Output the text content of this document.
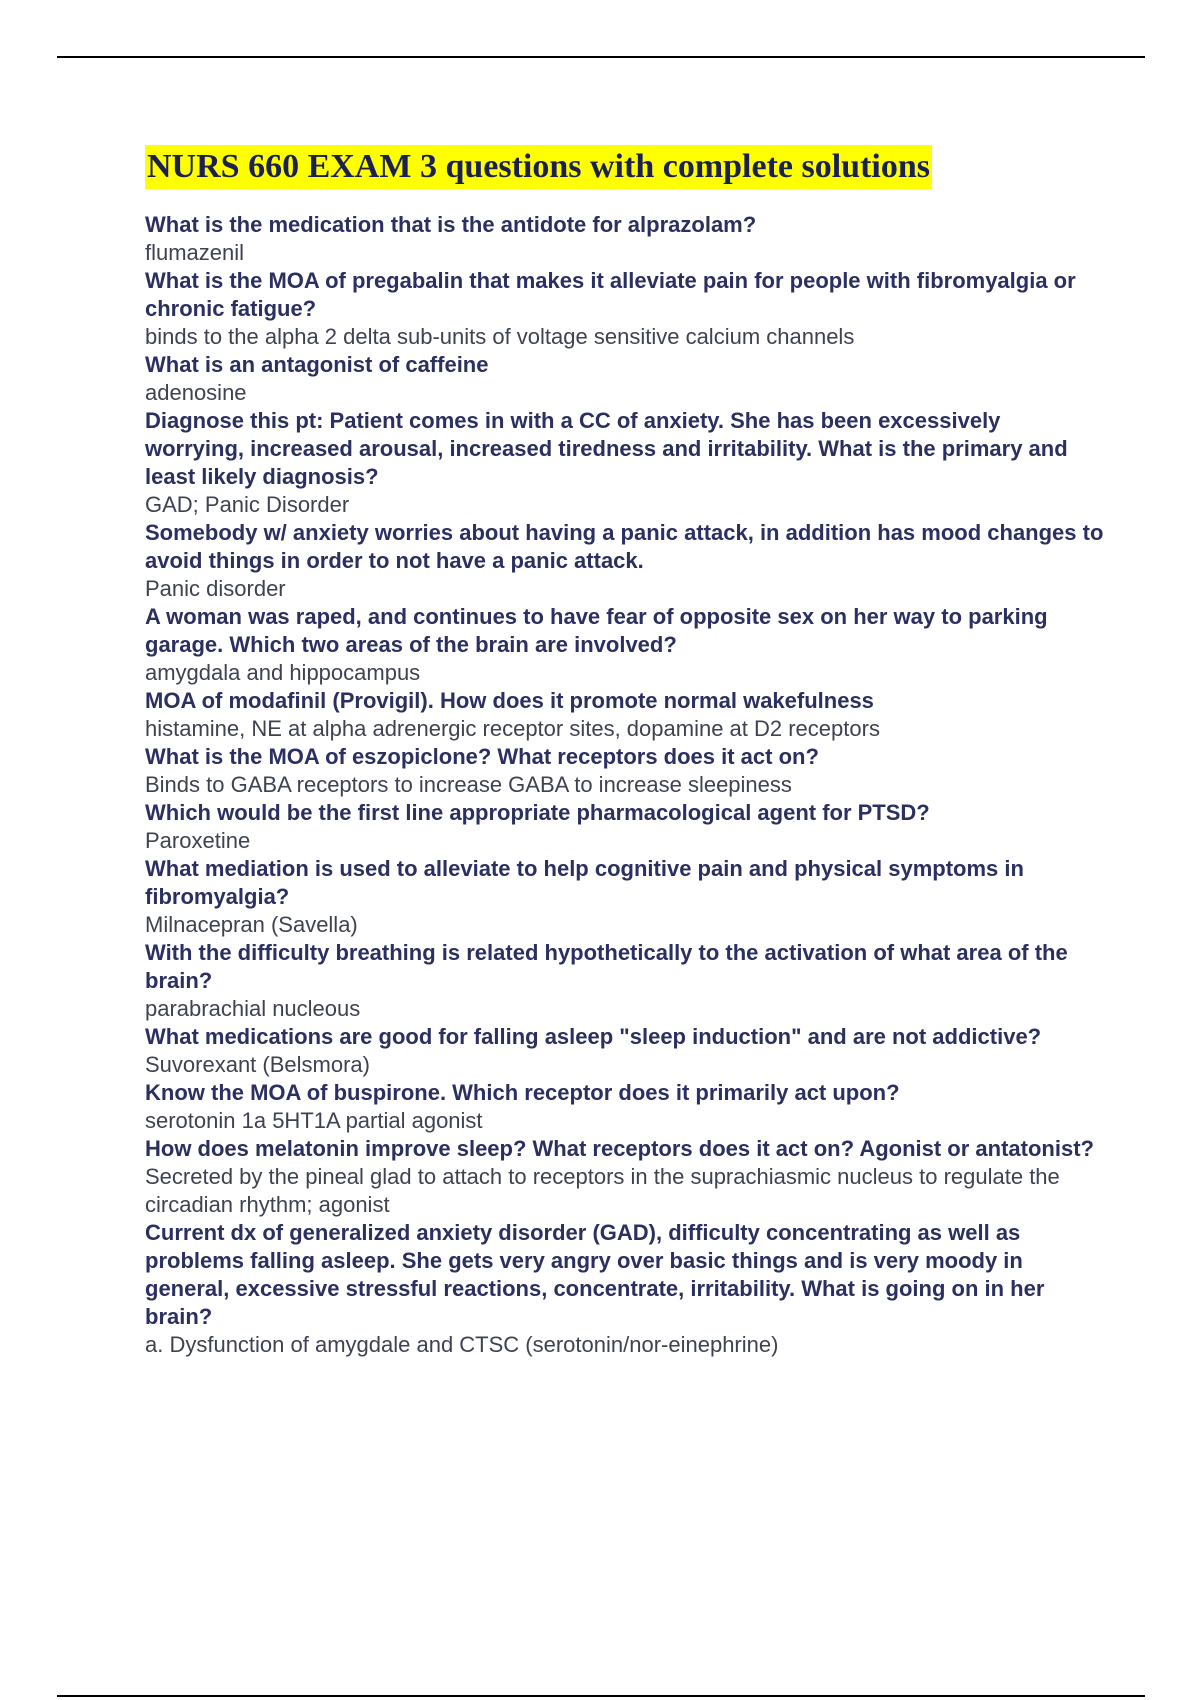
NURS 660 EXAM 3 questions with complete solutions
What is the medication that is the antidote for alprazolam?
flumazenil
What is the MOA of pregabalin that makes it alleviate pain for people with fibromyalgia or chronic fatigue?
binds to the alpha 2 delta sub-units of voltage sensitive calcium channels
What is an antagonist of caffeine
adenosine
Diagnose this pt: Patient comes in with a CC of anxiety. She has been excessively worrying, increased arousal, increased tiredness and irritability. What is the primary and least likely diagnosis?
GAD; Panic Disorder
Somebody w/ anxiety worries about having a panic attack, in addition has mood changes to avoid things in order to not have a panic attack.
Panic disorder
A woman was raped, and continues to have fear of opposite sex on her way to parking garage. Which two areas of the brain are involved?
amygdala and hippocampus
MOA of modafinil (Provigil). How does it promote normal wakefulness
histamine, NE at alpha adrenergic receptor sites, dopamine at D2 receptors
What is the MOA of eszopiclone? What receptors does it act on?
Binds to GABA receptors to increase GABA to increase sleepiness
Which would be the first line appropriate pharmacological agent for PTSD?
Paroxetine
What mediation is used to alleviate to help cognitive pain and physical symptoms in fibromyalgia?
Milnacepran (Savella)
With the difficulty breathing is related hypothetically to the activation of what area of the brain?
parabrachial nucleous
What medications are good for falling asleep "sleep induction" and are not addictive?
Suvorexant (Belsmora)
Know the MOA of buspirone. Which receptor does it primarily act upon?
serotonin 1a 5HT1A partial agonist
How does melatonin improve sleep? What receptors does it act on? Agonist or antatonist?
Secreted by the pineal glad to attach to receptors in the suprachiasmic nucleus to regulate the circadian rhythm; agonist
Current dx of generalized anxiety disorder (GAD), difficulty concentrating as well as problems falling asleep. She gets very angry over basic things and is very moody in general, excessive stressful reactions, concentrate, irritability. What is going on in her brain?
a. Dysfunction of amygdale and CTSC (serotonin/nor-einephrine)
